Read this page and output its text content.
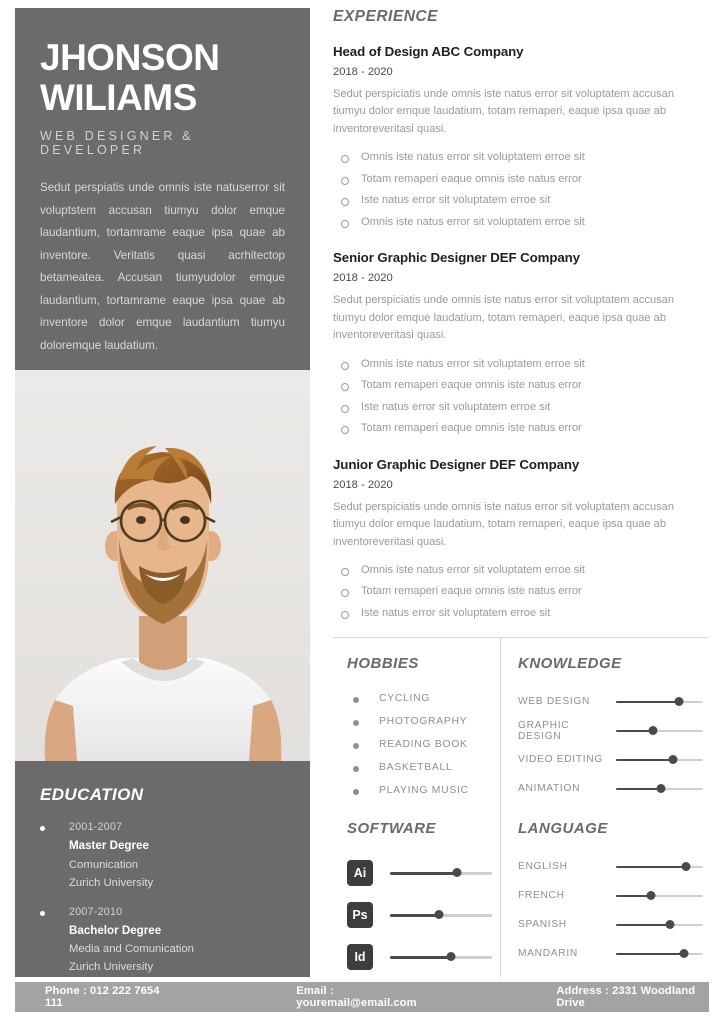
JHONSON
WILIAMS
WEB DESIGNER & DEVELOPER
Sedut perspiatis unde omnis iste natuserror sit voluptstem accusan tiumyu dolor emque laudantium, tortamrame eaque ipsa quae ab inventore. Veritatis quasi acrhitectop betameatea. Accusan tiumyudolor emque laudantium, tortamrame eaque ipsa quae ab inventore dolor emque laudantium tiumyu doloremque laudatium.
EDUCATION
2001-2007
Master Degree
Comunication
Zurich University
2007-2010
Bachelor Degree
Media and Comunication
Zurich University
EXPERIENCE
Head of Design ABC Company
2018 - 2020
Sedut perspiciatis unde omnis iste natus error sit voluptatem accusan tiumyu dolor emque laudatium, totam remaperi, eaque ipsa quae ab inventoreveritasi quasi.
Omnis iste natus error sit voluptatem erroe sit
Totam remaperi eaque omnis iste natus error
Iste natus error sit voluptatem erroe sit
Omnis iste natus error sit voluptatem erroe sit
Senior Graphic Designer DEF Company
2018 - 2020
Sedut perspiciatis unde omnis iste natus error sit voluptatem accusan tiumyu dolor emque laudatium, totam remaperi, eaque ipsa quae ab inventoreveritasi quasi.
Omnis iste natus error sit voluptatem erroe sit
Totam remaperi eaque omnis iste natus error
Iste natus error sit voluptatem erroe sit
Totam remaperi eaque omnis iste natus error
Junior Graphic Designer DEF Company
2018 - 2020
Sedut perspiciatis unde omnis iste natus error sit voluptatem accusan tiumyu dolor emque laudatium, totam remaperi, eaque ipsa quae ab inventoreveritasi quasi.
Omnis iste natus error sit voluptatem erroe sit
Totam remaperi eaque omnis iste natus error
Iste natus error sit voluptatem erroe sit
HOBBIES
CYCLING
PHOTOGRAPHY
READING BOOK
BASKETBALL
PLAYING MUSIC
KNOWLEDGE
WEB DESIGN
GRAPHIC DESIGN
VIDEO EDITING
ANIMATION
SOFTWARE
Ai
Ps
Id
LANGUAGE
ENGLISH
FRENCH
SPANISH
MANDARIN
Phone : 012 222 7654 111
Email : youremail@email.com
Address : 2331 Woodland Drive
